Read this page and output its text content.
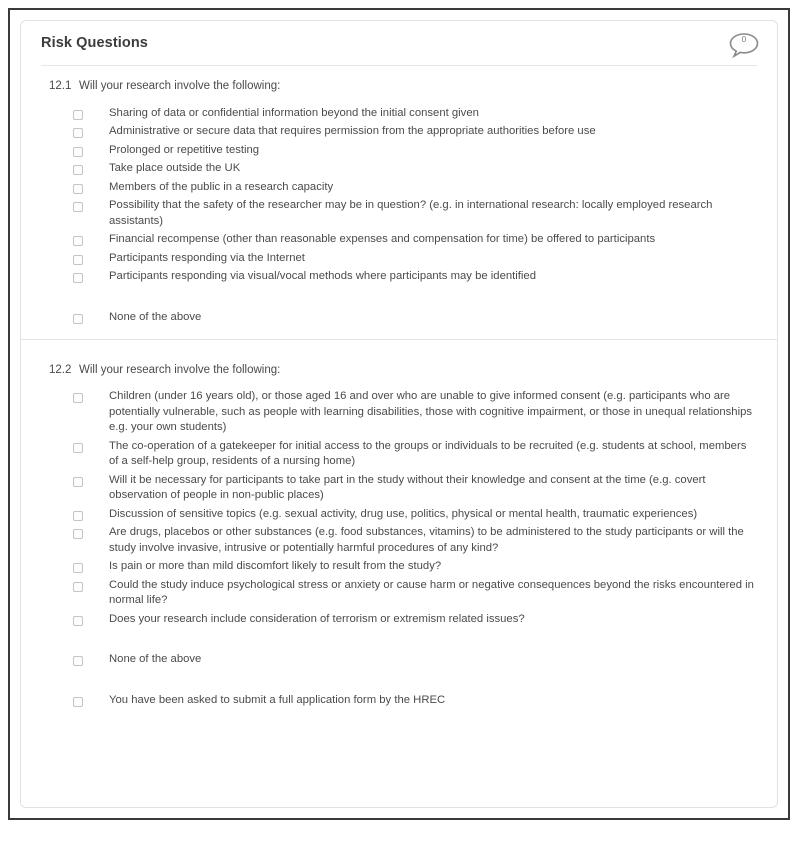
Risk Questions	0
12.1 Will your research involve the following:
Sharing of data or confidential information beyond the initial consent given
Administrative or secure data that requires permission from the appropriate authorities before use
Prolonged or repetitive testing
Take place outside the UK
Members of the public in a research capacity
Possibility that the safety of the researcher may be in question? (e.g. in international research: locally employed research assistants)
Financial recompense (other than reasonable expenses and compensation for time) be offered to participants
Participants responding via the Internet
Participants responding via visual/vocal methods where participants may be identified
None of the above
12.2 Will your research involve the following:
Children (under 16 years old), or those aged 16 and over who are unable to give informed consent (e.g. participants who are potentially vulnerable, such as people with learning disabilities, those with cognitive impairment, or those in unequal relationships e.g. your own students)
The co-operation of a gatekeeper for initial access to the groups or individuals to be recruited (e.g. students at school, members of a self-help group, residents of a nursing home)
Will it be necessary for participants to take part in the study without their knowledge and consent at the time (e.g. covert observation of people in non-public places)
Discussion of sensitive topics (e.g. sexual activity, drug use, politics, physical or mental health, traumatic experiences)
Are drugs, placebos or other substances (e.g. food substances, vitamins) to be administered to the study participants or will the study involve invasive, intrusive or potentially harmful procedures of any kind?
Is pain or more than mild discomfort likely to result from the study?
Could the study induce psychological stress or anxiety or cause harm or negative consequences beyond the risks encountered in normal life?
Does your research include consideration of terrorism or extremism related issues?
None of the above
You have been asked to submit a full application form by the HREC
